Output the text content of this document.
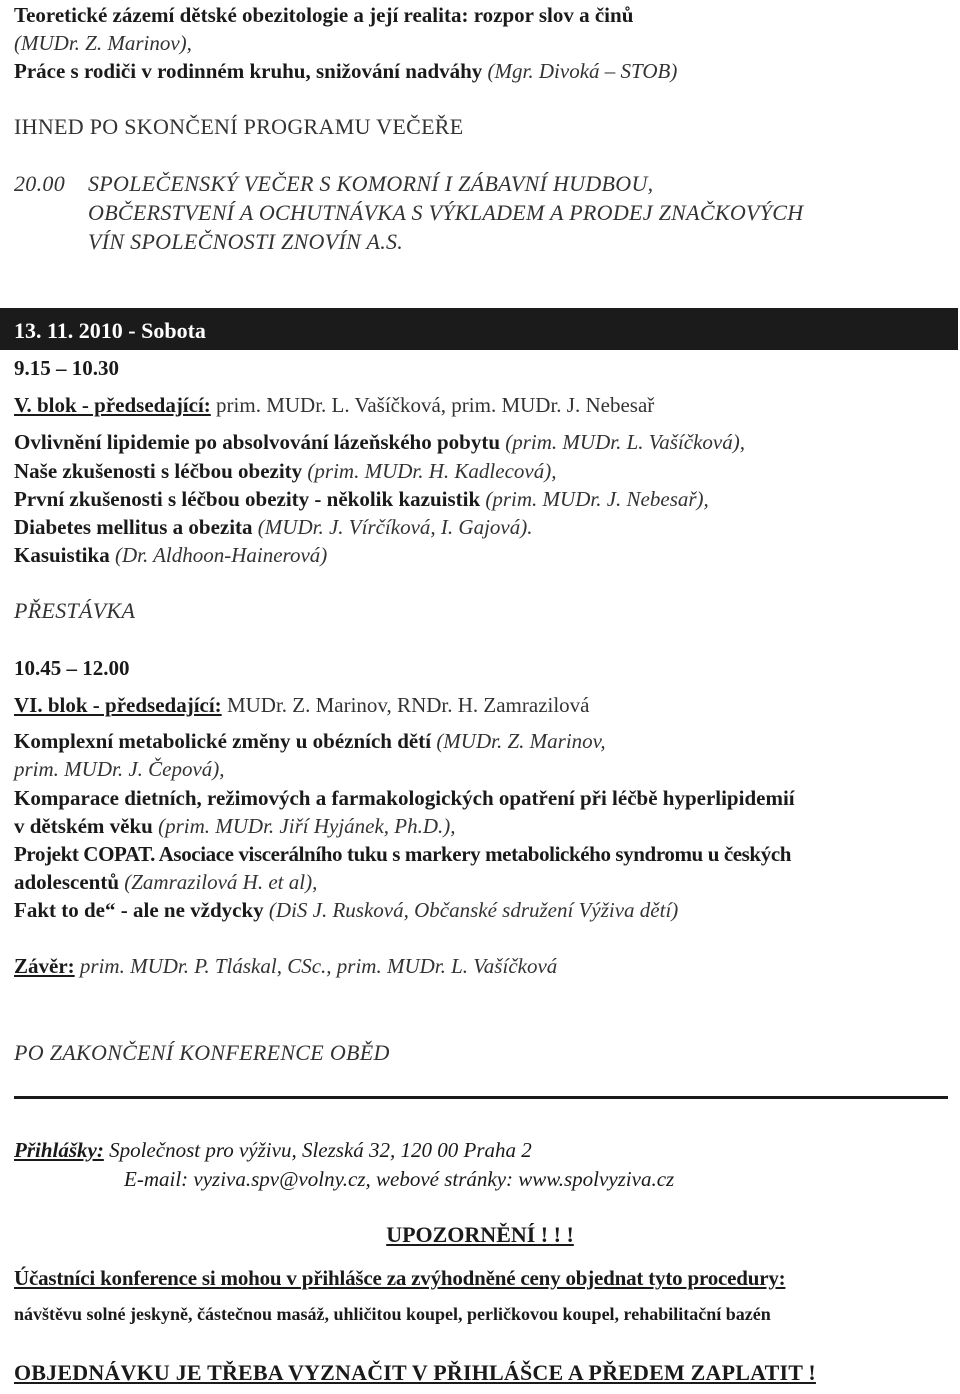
Teoretické zázemí dětské obezitologie a její realita: rozpor slov a činů
(MUDr. Z. Marinov),
Práce s rodiči v rodinném kruhu, snižování nadváhy (Mgr. Divoká – STOB)
IHNED PO SKONČENÍ PROGRAMU VEČEŘE
20.00 SPOLEČENSKÝ VEČER S KOMORNÍ I ZÁBAVNÍ HUDBOU,
OBČERSTVENÍ A OCHUTNÁVKA S VÝKLADEM A PRODEJ ZNAČKOVÝCH
VÍN SPOLEČNOSTI ZNOVÍN A.S.
13. 11. 2010 - Sobota
9.15 – 10.30
V. blok - předsedající: prim. MUDr. L. Vašíčková, prim. MUDr. J. Nebesař
Ovlivnění lipidemie po absolvování lázeňského pobytu (prim. MUDr. L. Vašíčková),
Naše zkušenosti s léčbou obezity (prim. MUDr. H. Kadlecová),
První zkušenosti s léčbou obezity - několik kazuistik (prim. MUDr. J. Nebesař),
Diabetes mellitus a obezita (MUDr. J. Vírčíková, I. Gajová).
Kasuistika (Dr. Aldhoon-Hainerová)
PŘESTÁVKA
10.45 – 12.00
VI. blok - předsedající: MUDr. Z. Marinov, RNDr. H. Zamrazilová
Komplexní metabolické změny u obézních dětí (MUDr. Z. Marinov,
prim. MUDr. J. Čepová),
Komparace dietních, režimových a farmakologických opatření při léčbě hyperlipidemií
v dětském věku (prim. MUDr. Jiří Hyjánek, Ph.D.),
Projekt COPAT. Asociace viscerálního tuku s markery metabolického syndromu u českých
adolescentů (Zamrazilová H. et al),
Fakt to de“ - ale ne vždycky (DiS J. Rusková, Občanské sdružení Výživa dětí)
Závěr: prim. MUDr. P. Tláskal, CSc., prim. MUDr. L. Vašíčková
PO ZAKONČENÍ KONFERENCE OBĚD
Přihlášky: Společnost pro výživu, Slezská 32, 120 00 Praha 2
E-mail: vyziva.spv@volny.cz, webové stránky: www.spolvyziva.cz
UPOZORNĚNÍ ! ! !
Účastníci konference si mohou v přihlášce za zvýhodněné ceny objednat tyto procedury:
návštěvu solné jeskyně, částečnou masáž, uhličitou koupel, perličkovou koupel, rehabilitační bazén
OBJEDNÁVKU JE TŘEBA VYZNAČIT V PŘIHLÁŠCE A PŘEDEM ZAPLATIT !
